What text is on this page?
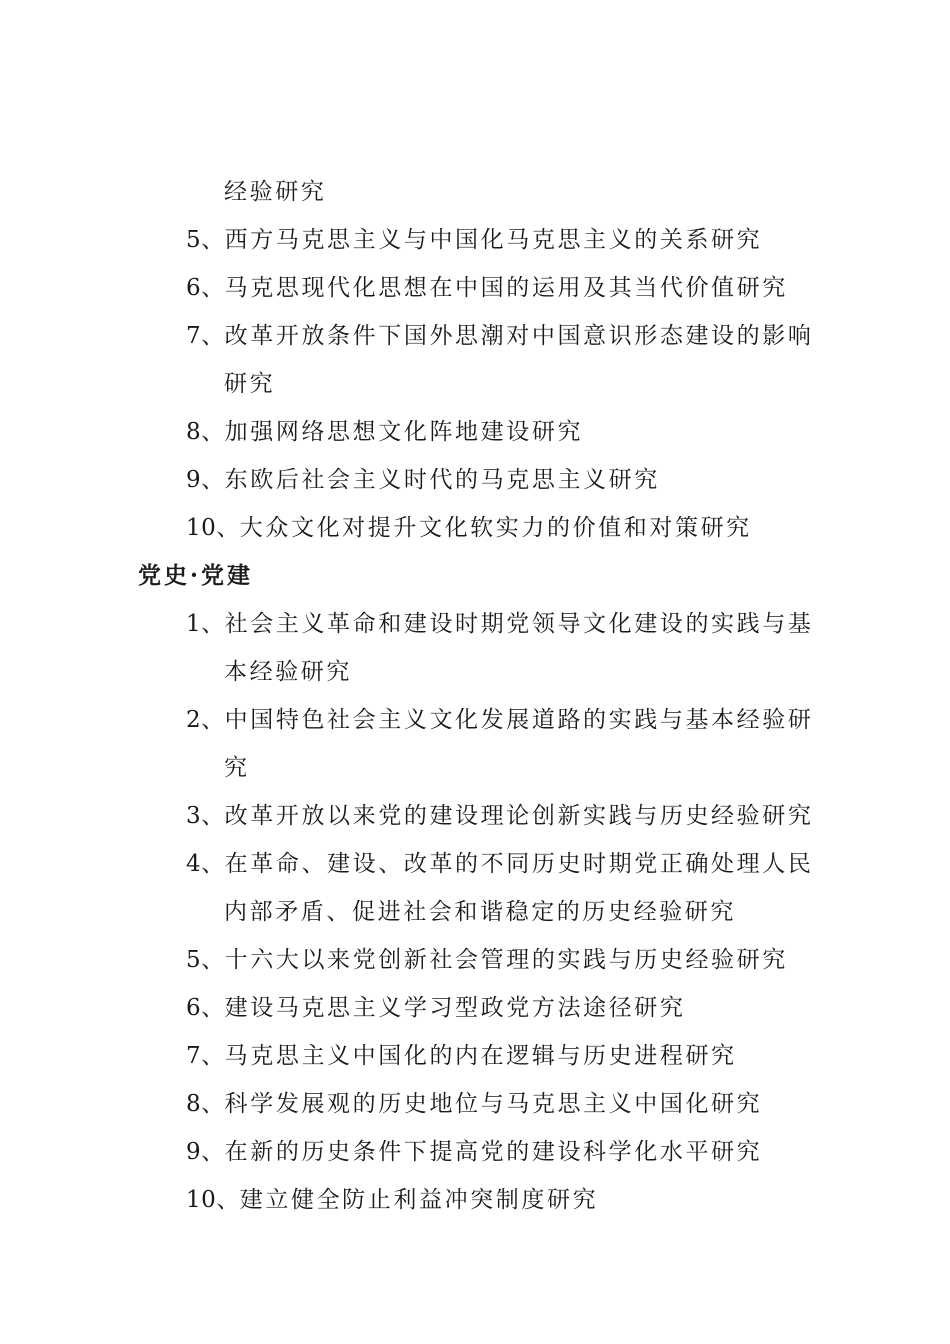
经验研究
5、西方马克思主义与中国化马克思主义的关系研究
6、马克思现代化思想在中国的运用及其当代价值研究
7、改革开放条件下国外思潮对中国意识形态建设的影响
研究
8、加强网络思想文化阵地建设研究
9、东欧后社会主义时代的马克思主义研究
10、大众文化对提升文化软实力的价值和对策研究
党史·党建
1、社会主义革命和建设时期党领导文化建设的实践与基
本经验研究
2、中国特色社会主义文化发展道路的实践与基本经验研
究
3、改革开放以来党的建设理论创新实践与历史经验研究
4、在革命、建设、改革的不同历史时期党正确处理人民
内部矛盾、促进社会和谐稳定的历史经验研究
5、十六大以来党创新社会管理的实践与历史经验研究
6、建设马克思主义学习型政党方法途径研究
7、马克思主义中国化的内在逻辑与历史进程研究
8、科学发展观的历史地位与马克思主义中国化研究
9、在新的历史条件下提高党的建设科学化水平研究
10、建立健全防止利益冲突制度研究
